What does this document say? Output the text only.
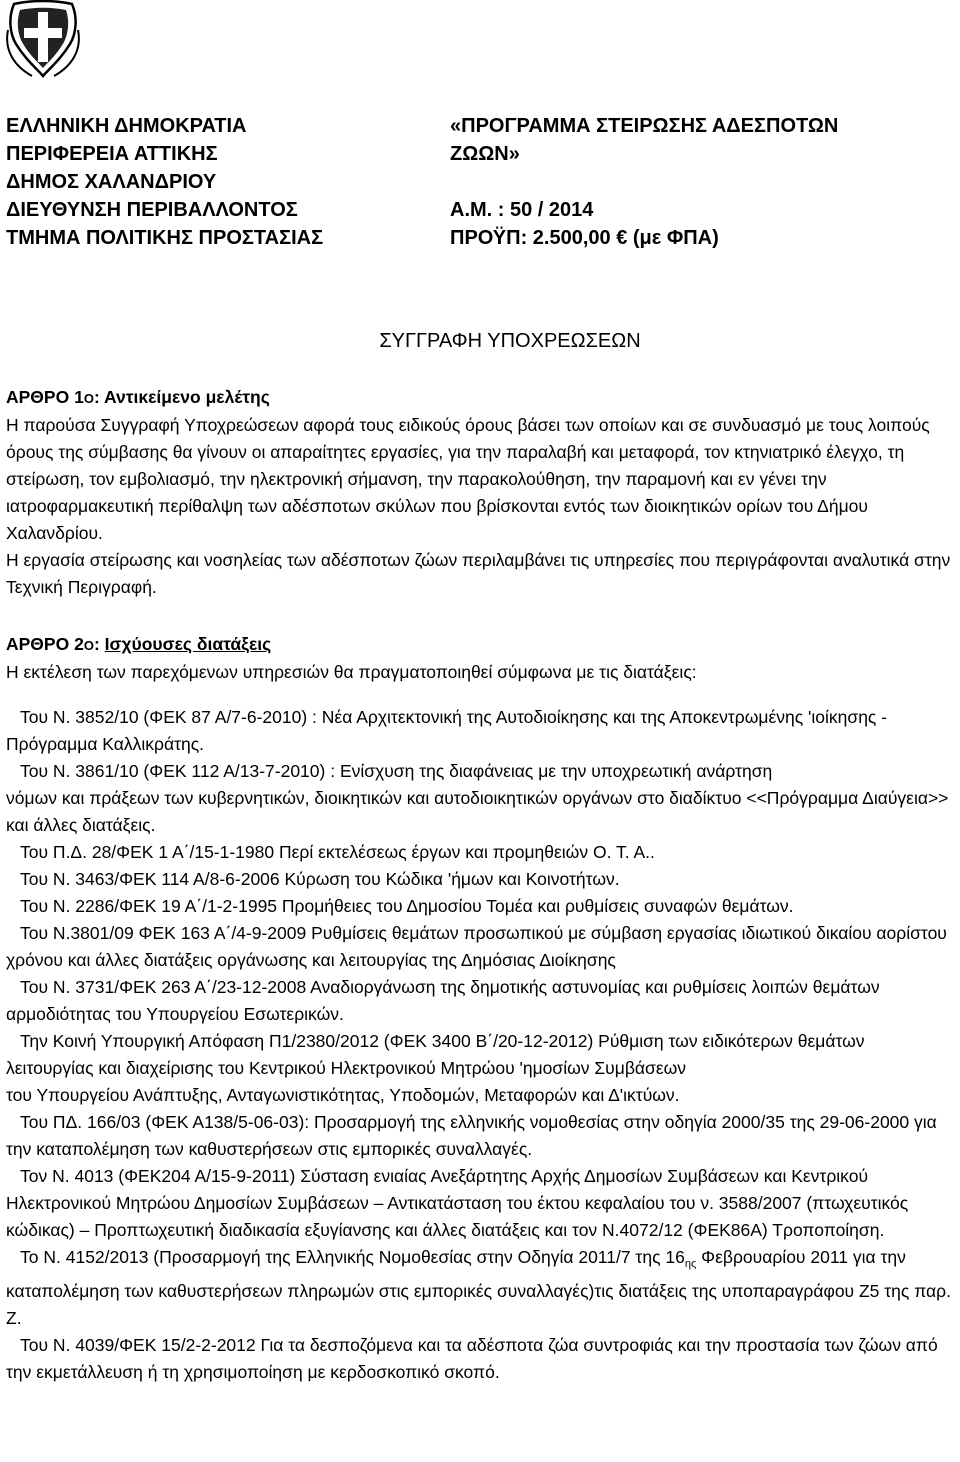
ΕΛΛΗΝΙΚΗ ΔΗΜΟΚΡΑΤΙΑ
ΠΕΡΙΦΕΡΕΙΑ ΑΤΤΙΚΗΣ
ΔΗΜΟΣ ΧΑΛΑΝΔΡΙΟΥ
ΔΙΕΥΘΥΝΣΗ ΠΕΡΙΒΑΛΛΟΝΤΟΣ
ΤΜΗΜΑ ΠΟΛΙΤΙΚΗΣ ΠΡΟΣΤΑΣΙΑΣ
«ΠΡΟΓΡΑΜΜΑ ΣΤΕΙΡΩΣΗΣ ΑΔΕΣΠΟΤΩΝ
ΖΩΩΝ»
Α.Μ. : 50 / 2014
ΠΡΟΫΠ: 2.500,00 € (με ΦΠΑ)
ΣΥΓΓΡΑΦΗ ΥΠΟΧΡΕΩΣΕΩΝ

ΑΡΘΡΟ 1Ο: Αντικείμενο μελέτης

Η παρούσα Συγγραφή Υποχρεώσεων αφορά τους ειδικούς όρους βάσει των οποίων και σε συνδυασμό με τους λοιπούς όρους της σύμβασης θα γίνουν οι απαραίτητες εργασίες, για την παραλαβή και μεταφορά, τον κτηνιατρικό έλεγχο, τη στείρωση, τον εμβολιασμό, την ηλεκτρονική σήμανση, την παρακολούθηση, την παραμονή και εν γένει την ιατροφαρμακευτική περίθαλψη των αδέσποτων σκύλων που βρίσκονται εντός των διοικητικών ορίων του Δήμου Χαλανδρίου.

Η εργασία στείρωσης και νοσηλείας των αδέσποτων ζώων περιλαμβάνει τις υπηρεσίες που περιγράφονται αναλυτικά στην Τεχνική Περιγραφή.

ΑΡΘΡΟ 2Ο: Ισχύουσες διατάξεις

Η εκτέλεση των παρεχόμενων υπηρεσιών θα πραγματοποιηθεί σύμφωνα με τις διατάξεις:

Του Ν. 3852/10 (ΦΕΚ 87 Α/7-6-2010) : Νέα Αρχιτεκτονική της Αυτοδιοίκησης και της Αποκεντρωμένης 'ιοίκησης - Πρόγραμμα Καλλικράτης.

Του Ν. 3861/10 (ΦΕΚ 112 Α/13-7-2010) : Ενίσχυση της διαφάνειας με την υποχρεωτική ανάρτηση
νόμων και πράξεων των κυβερνητικών, διοικητικών και αυτοδιοικητικών οργάνων στο διαδίκτυο <<Πρόγραμμα Διαύγεια>> και άλλες διατάξεις.

Του Π.Δ. 28/ΦΕΚ 1 Α΄/15-1-1980 Περί εκτελέσεως έργων και προμηθειών Ο. Τ. Α..

Του Ν. 3463/ΦΕΚ 114 Α/8-6-2006 Κύρωση του Κώδικα 'ήμων και Κοινοτήτων.

Του Ν. 2286/ΦΕΚ 19 Α΄/1-2-1995 Προμήθειες του Δημοσίου Τομέα και ρυθμίσεις συναφών θεμάτων.

Του Ν.3801/09 ΦΕΚ 163 Α΄/4-9-2009 Ρυθμίσεις θεμάτων προσωπικού με σύμβαση εργασίας ιδιωτικού δικαίου αορίστου χρόνου και άλλες διατάξεις οργάνωσης και λειτουργίας της Δημόσιας Διοίκησης

Του Ν. 3731/ΦΕΚ 263 Α΄/23-12-2008 Αναδιοργάνωση της δημοτικής αστυνομίας και ρυθμίσεις λοιπών θεμάτων αρμοδιότητας του Υπουργείου Εσωτερικών.

Την Κοινή Υπουργική Απόφαση Π1/2380/2012 (ΦΕΚ 3400 Β΄/20-12-2012) Ρύθμιση των ειδικότερων θεμάτων λειτουργίας και διαχείρισης του Κεντρικού Ηλεκτρονικού Μητρώου 'ημοσίων Συμβάσεων
του Υπουργείου Ανάπτυξης, Ανταγωνιστικότητας, Υποδομών, Μεταφορών και Δ'ικτύων.

Του ΠΔ. 166/03 (ΦΕΚ Α138/5-06-03): Προσαρμογή της ελληνικής νομοθεσίας στην οδηγία 2000/35 της 29-06-2000 για την καταπολέμηση των καθυστερήσεων στις εμπορικές συναλλαγές.

Τον Ν. 4013 (ΦΕΚ204 Α/15-9-2011) Σύσταση ενιαίας Ανεξάρτητης Αρχής Δημοσίων Συμβάσεων και Κεντρικού Ηλεκτρονικού Μητρώου Δημοσίων Συμβάσεων – Αντικατάσταση του έκτου κεφαλαίου του ν. 3588/2007 (πτωχευτικός κώδικας) – Προπτωχευτική διαδικασία εξυγίανσης και άλλες διατάξεις και τον Ν.4072/12 (ΦΕΚ86Α) Τροποποίηση.

Το Ν. 4152/2013 (Προσαρμογή της Ελληνικής Νομοθεσίας στην Οδηγία 2011/7 της $16_{\eta\varsigma}$ Φεβρουαρίου 2011 για την καταπολέμηση των καθυστερήσεων πληρωμών στις εμπορικές συναλλαγές)τις διατάξεις της υποπαραγράφου Ζ5 της παρ. Ζ.

Του Ν. 4039/ΦΕΚ 15/2-2-2012 Για τα δεσποζόμενα και τα αδέσποτα ζώα συντροφιάς και την προστασία των ζώων από την εκμετάλλευση ή τη χρησιμοποίηση με κερδοσκοπικό σκοπό.
